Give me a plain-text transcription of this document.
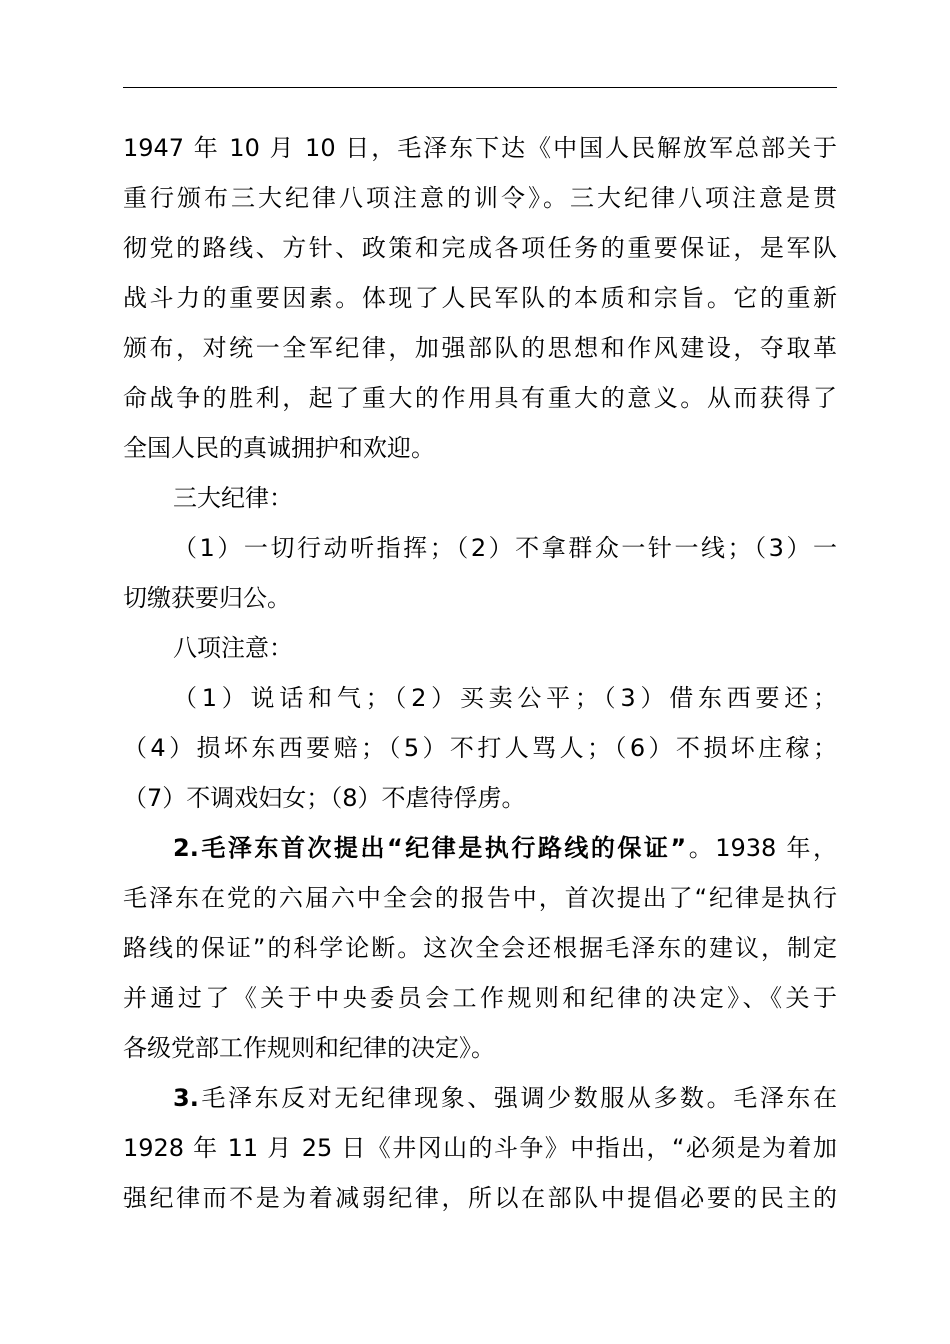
1947 年 10 月 10 日，毛泽东下达《中国人民解放军总部关于
重行颁布三大纪律八项注意的训令》。三大纪律八项注意是贯
彻党的路线、方针、政策和完成各项任务的重要保证，是军队
战斗力的重要因素。体现了人民军队的本质和宗旨。它的重新
颁布，对统一全军纪律，加强部队的思想和作风建设，夺取革
命战争的胜利，起了重大的作用具有重大的意义。从而获得了
全国人民的真诚拥护和欢迎。
三大纪律：
（1）一切行动听指挥；（2）不拿群众一针一线；（3）一
切缴获要归公。
八项注意：
（1）说话和气；（2）买卖公平；（3）借东西要还；
（4）损坏东西要赔；（5）不打人骂人；（6）不损坏庄稼；
（7）不调戏妇女；（8）不虐待俘虏。
2.毛泽东首次提出“纪律是执行路线的保证”。1938 年，
毛泽东在党的六届六中全会的报告中，首次提出了“纪律是执行
路线的保证”的科学论断。这次全会还根据毛泽东的建议，制定
并通过了《关于中央委员会工作规则和纪律的决定》、《关于
各级党部工作规则和纪律的决定》。
3.毛泽东反对无纪律现象、强调少数服从多数。毛泽东在
1928 年 11 月 25 日《井冈山的斗争》中指出，“必须是为着加
强纪律而不是为着减弱纪律，所以在部队中提倡必要的民主的
